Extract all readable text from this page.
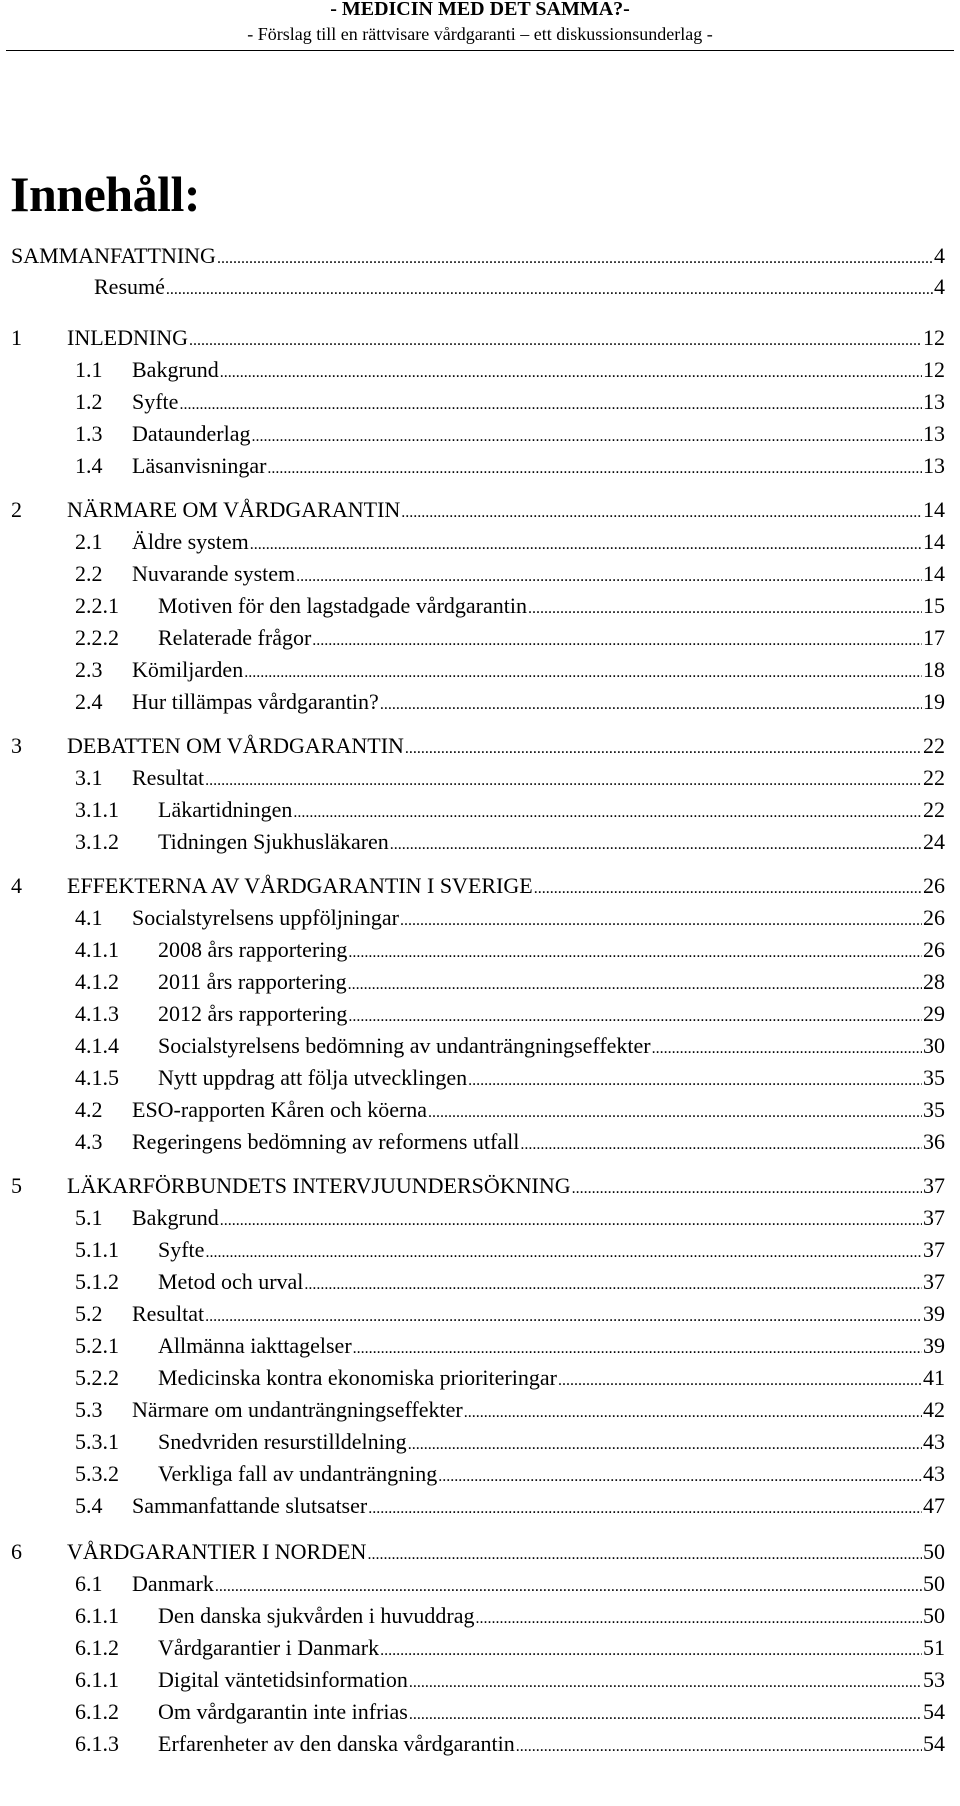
- MEDICIN MED DET SAMMA?-
- Förslag till en rättvisare vårdgaranti – ett diskussionsunderlag -
Innehåll:
SAMMANFATTNING .....	4
Resumé .....	4
1	INLEDNING .....	12
1.1	Bakgrund .....	12
1.2	Syfte .....	13
1.3	Dataunderlag .....	13
1.4	Läsanvisningar .....	13
2	NÄRMARE OM VÅRDGARANTIN .....	14
2.1	Äldre system .....	14
2.2	Nuvarande system .....	14
2.2.1	Motiven för den lagstadgade vårdgarantin .....	15
2.2.2	Relaterade frågor .....	17
2.3	Kömiljarden .....	18
2.4	Hur tillämpas vårdgarantin? .....	19
3	DEBATTEN OM VÅRDGARANTIN .....	22
3.1	Resultat .....	22
3.1.1	Läkartidningen .....	22
3.1.2	Tidningen Sjukhusläkaren .....	24
4	EFFEKTERNA AV VÅRDGARANTIN I SVERIGE .....	26
4.1	Socialstyrelsens uppföljningar .....	26
4.1.1	2008 års rapportering .....	26
4.1.2	2011 års rapportering .....	28
4.1.3	2012 års rapportering .....	29
4.1.4	Socialstyrelsens bedömning av undanträngningseffekter .....	30
4.1.5	Nytt uppdrag att följa utvecklingen .....	35
4.2	ESO-rapporten Kåren och köerna .....	35
4.3	Regeringens bedömning av reformens utfall .....	36
5	LÄKARFÖRBUNDETS INTERVJUUNDERSÖKNING .....	37
5.1	Bakgrund .....	37
5.1.1	Syfte .....	37
5.1.2	Metod och urval .....	37
5.2	Resultat .....	39
5.2.1	Allmänna iakttagelser .....	39
5.2.2	Medicinska kontra ekonomiska prioriteringar .....	41
5.3	Närmare om undanträngningseffekter .....	42
5.3.1	Snedvriden resurstilldelning .....	43
5.3.2	Verkliga fall av undanträngning .....	43
5.4	Sammanfattande slutsatser .....	47
6	VÅRDGARANTIER I NORDEN .....	50
6.1	Danmark .....	50
6.1.1	Den danska sjukvården i huvuddrag .....	50
6.1.2	Vårdgarantier i Danmark .....	51
6.1.1	Digital väntetidsinformation .....	53
6.1.2	Om vårdgarantin inte infrias .....	54
6.1.3	Erfarenheter av den danska vårdgarantin .....	54
